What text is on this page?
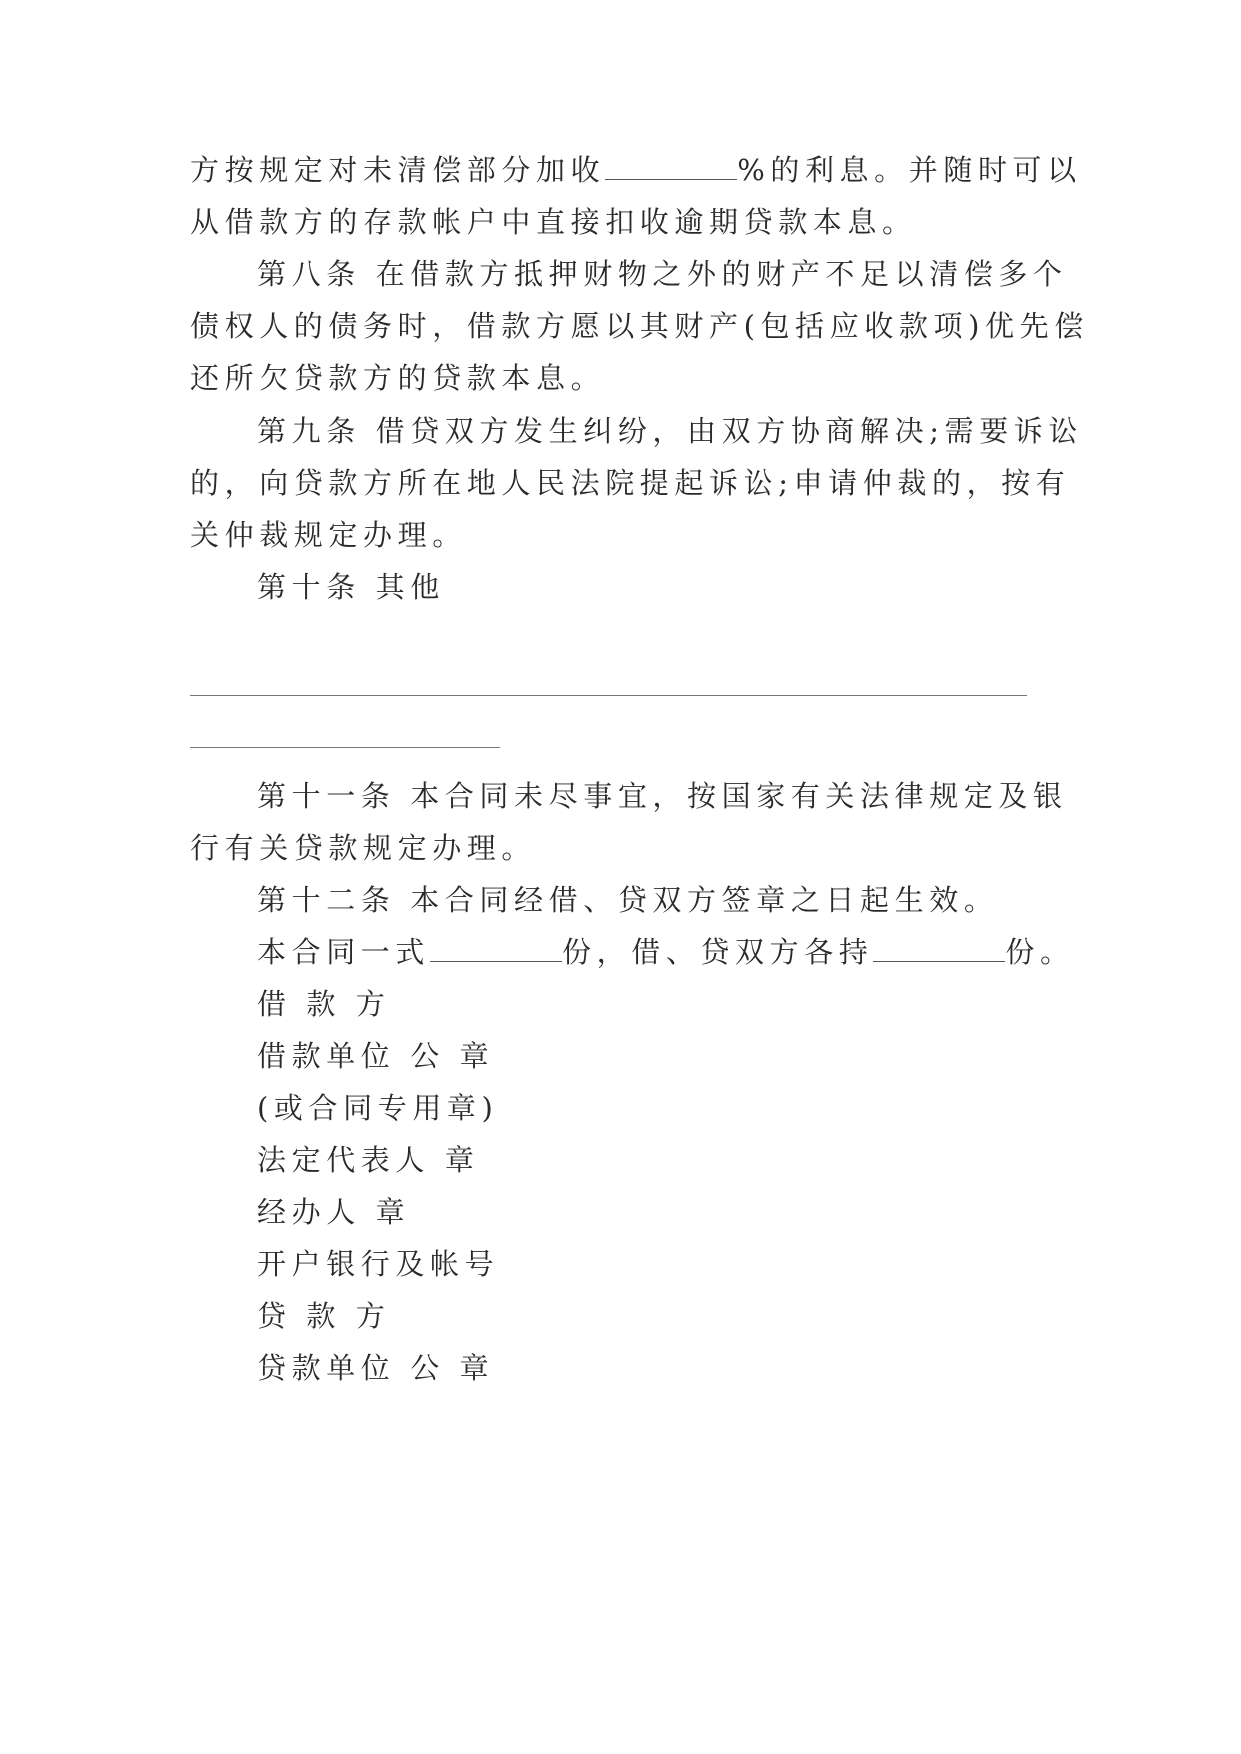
方按规定对未清偿部分加收	%的利息。并随时可以
从借款方的存款帐户中直接扣收逾期贷款本息。
第八条 在借款方抵押财物之外的财产不足以清偿多个
债权人的债务时，借款方愿以其财产(包括应收款项)优先偿
还所欠贷款方的贷款本息。
第九条 借贷双方发生纠纷，由双方协商解决;需要诉讼
的，向贷款方所在地人民法院提起诉讼;申请仲裁的，按有
关仲裁规定办理。
第十条 其他
第十一条 本合同未尽事宜，按国家有关法律规定及银
行有关贷款规定办理。
第十二条 本合同经借、贷双方签章之日起生效。
本合同一式	份，借、贷双方各持	份。
借 款 方
借款单位 公 章
(或合同专用章)
法定代表人 章
经办人 章
开户银行及帐号
贷 款 方
贷款单位 公 章
